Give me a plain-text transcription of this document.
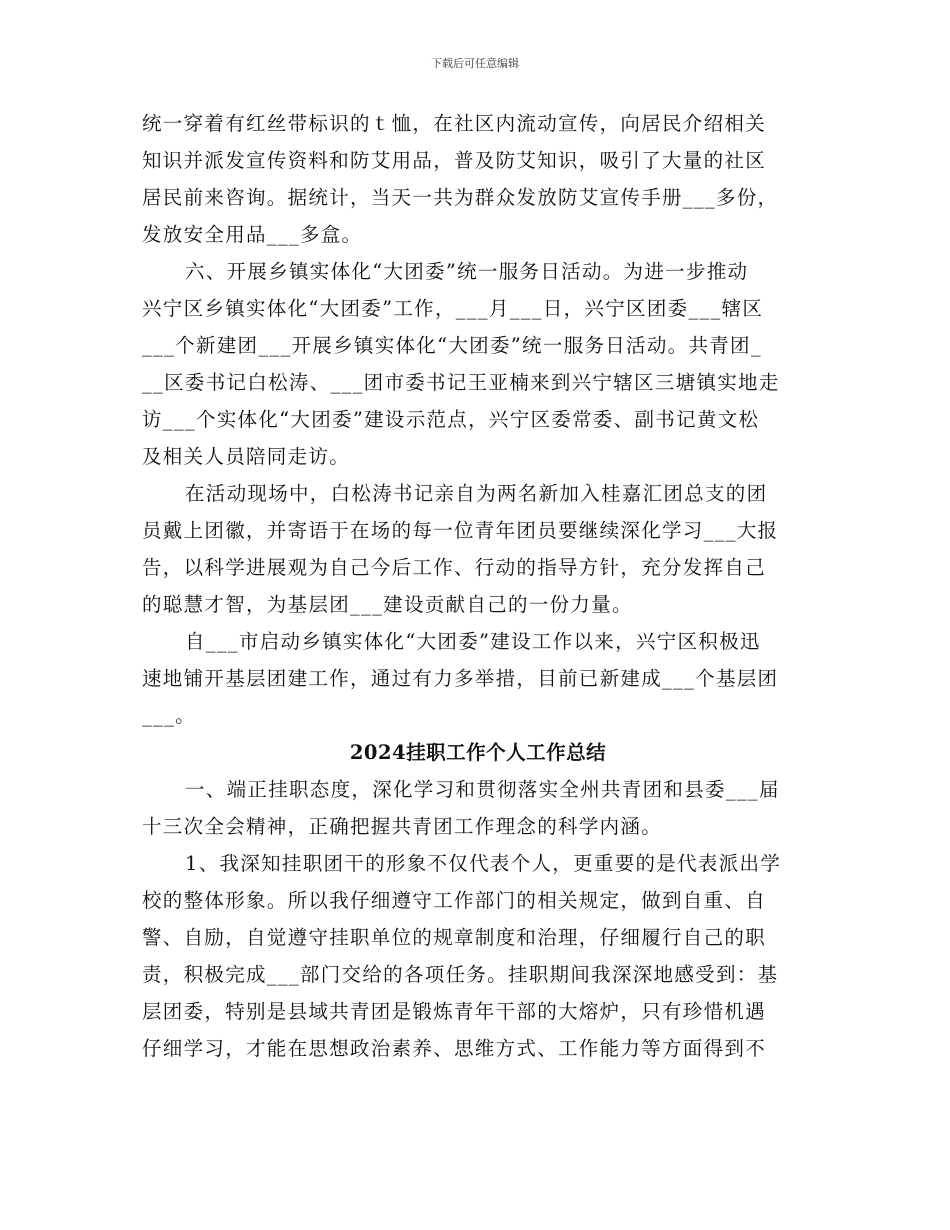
下载后可任意编辑
统一穿着有红丝带标识的ｔ恤，在社区内流动宣传，向居民介绍相关
知识并派发宣传资料和防艾用品，普及防艾知识，吸引了大量的社区
居民前来咨询。据统计，当天一共为群众发放防艾宣传手册___多份，
发放安全用品___多盒。
六、开展乡镇实体化“大团委”统一服务日活动。为进一步推动
兴宁区乡镇实体化“大团委”工作，___月___日，兴宁区团委___辖区
___个新建团___开展乡镇实体化“大团委”统一服务日活动。共青团_
__区委书记白松涛、___团市委书记王亚楠来到兴宁辖区三塘镇实地走
访___个实体化“大团委”建设示范点，兴宁区委常委、副书记黄文松
及相关人员陪同走访。
在活动现场中，白松涛书记亲自为两名新加入桂嘉汇团总支的团
员戴上团徽，并寄语于在场的每一位青年团员要继续深化学习___大报
告，以科学进展观为自己今后工作、行动的指导方针，充分发挥自己
的聪慧才智，为基层团___建设贡献自己的一份力量。
自___市启动乡镇实体化“大团委”建设工作以来，兴宁区积极迅
速地铺开基层团建工作，通过有力多举措，目前已新建成___个基层团
___。
2024挂职工作个人工作总结
一、端正挂职态度，深化学习和贯彻落实全州共青团和县委___届
十三次全会精神，正确把握共青团工作理念的科学内涵。
1、我深知挂职团干的形象不仅代表个人，更重要的是代表派出学
校的整体形象。所以我仔细遵守工作部门的相关规定，做到自重、自
警、自励，自觉遵守挂职单位的规章制度和治理，仔细履行自己的职
责，积极完成___部门交给的各项任务。挂职期间我深深地感受到：基
层团委，特别是县域共青团是锻炼青年干部的大熔炉，只有珍惜机遇
仔细学习，才能在思想政治素养、思维方式、工作能力等方面得到不
